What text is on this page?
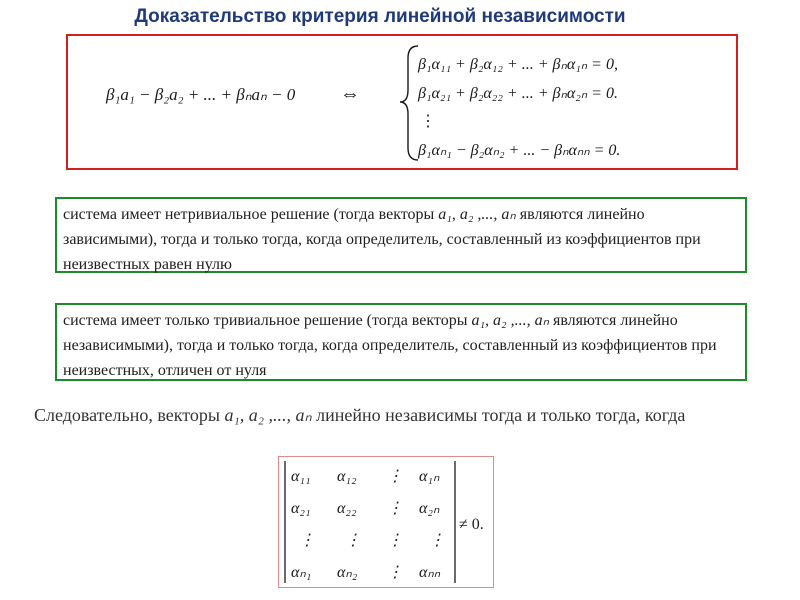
Доказательство критерия линейной независимости
β₁a₁ − β₂a₂ + ... + βₙaₙ − 0 ⇔
β₁α₁₁ + β₂α₁₂ + ... + βₙα₁ₙ = 0,
β₁α₂₁ + β₂α₂₂ + ... + βₙα₂ₙ = 0.
⋮
β₁αₙ₁ − β₂αₙ₂ + ... − βₙαₙₙ = 0.
система имеет нетривиальное решение (тогда векторы a₁, a₂ ,..., aₙ являются линейно зависимыми), тогда и только тогда, когда определитель, составленный из коэффициентов при неизвестных равен нулю
система имеет только тривиальное решение (тогда векторы a₁, a₂ ,..., aₙ являются линейно независимыми), тогда и только тогда, когда определитель, составленный из коэффициентов при неизвестных, отличен от нуля
Следовательно, векторы a₁, a₂ ,..., aₙ линейно независимы тогда и только тогда, когда
α₁₁ α₁₂ ⋮ α₁ₙ
α₂₁ α₂₂ ⋮ α₂ₙ
⋮ ⋮ ⋮ ⋮
αₙ₁ αₙ₂ ⋮ αₙₙ
≠ 0.
